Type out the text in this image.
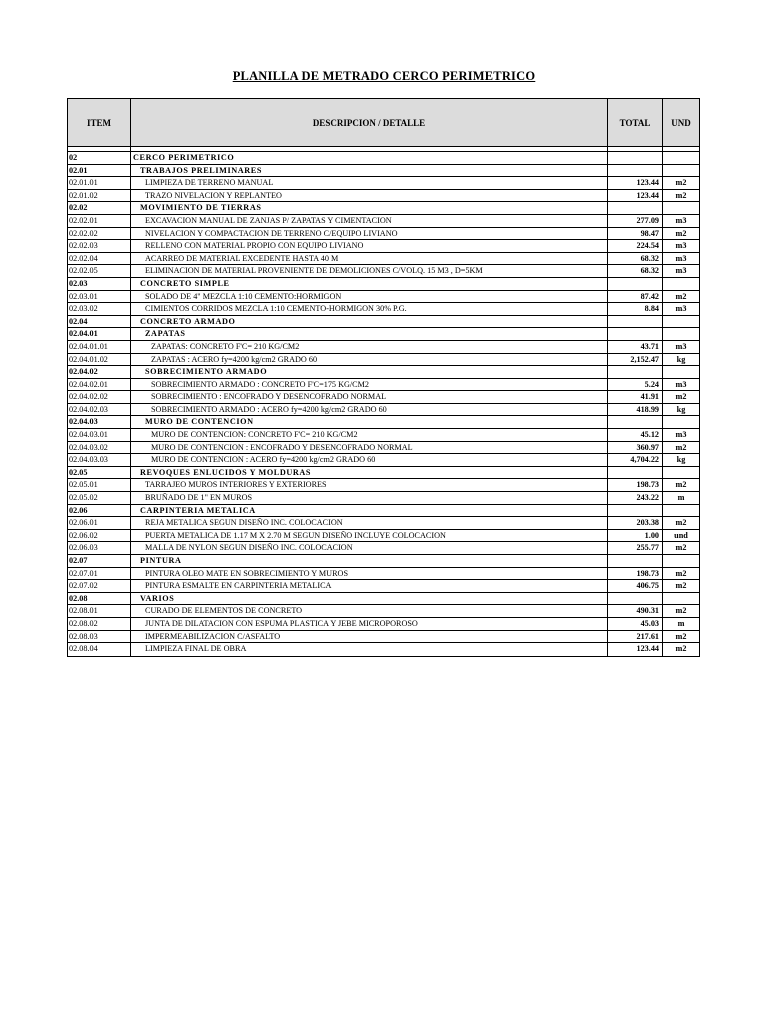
PLANILLA DE METRADO CERCO PERIMETRICO
ITEM	DESCRIPCION / DETALLE	TOTAL	UND
02	CERCO PERIMETRICO
02.01	TRABAJOS PRELIMINARES
02.01.01	LIMPIEZA DE TERRENO MANUAL	123.44	m2
02.01.02	TRAZO NIVELACION Y REPLANTEO	123.44	m2
02.02	MOVIMIENTO DE TIERRAS
02.02.01	EXCAVACION MANUAL DE ZANJAS P/ ZAPATAS Y CIMENTACION	277.09	m3
02.02.02	NIVELACION Y COMPACTACION DE TERRENO C/EQUIPO LIVIANO	98.47	m2
02.02.03	RELLENO CON MATERIAL PROPIO CON EQUIPO LIVIANO	224.54	m3
02.02.04	ACARREO DE MATERIAL EXCEDENTE HASTA 40 M	68.32	m3
02.02.05	ELIMINACION DE MATERIAL PROVENIENTE DE DEMOLICIONES C/VOLQ. 15 M3 , D=5KM	68.32	m3
02.03	CONCRETO SIMPLE
02.03.01	SOLADO DE 4" MEZCLA 1:10 CEMENTO:HORMIGON	87.42	m2
02.03.02	CIMIENTOS CORRIDOS MEZCLA 1:10 CEMENTO-HORMIGON 30% P.G.	8.84	m3
02.04	CONCRETO ARMADO
02.04.01	ZAPATAS
02.04.01.01	ZAPATAS: CONCRETO F'C= 210 KG/CM2	43.71	m3
02.04.01.02	ZAPATAS : ACERO fy=4200 kg/cm2 GRADO 60	2,152.47	kg
02.04.02	SOBRECIMIENTO ARMADO
02.04.02.01	SOBRECIMIENTO ARMADO : CONCRETO F'C=175 KG/CM2	5.24	m3
02.04.02.02	SOBRECIMIENTO : ENCOFRADO Y DESENCOFRADO NORMAL	41.91	m2
02.04.02.03	SOBRECIMIENTO ARMADO : ACERO fy=4200 kg/cm2 GRADO 60	418.99	kg
02.04.03	MURO DE CONTENCION
02.04.03.01	MURO DE CONTENCION: CONCRETO F'C= 210 KG/CM2	45.12	m3
02.04.03.02	MURO DE CONTENCION : ENCOFRADO Y DESENCOFRADO NORMAL	360.97	m2
02.04.03.03	MURO DE CONTENCION : ACERO fy=4200 kg/cm2 GRADO 60	4,704.22	kg
02.05	REVOQUES ENLUCIDOS Y MOLDURAS
02.05.01	TARRAJEO MUROS INTERIORES Y EXTERIORES	198.73	m2
02.05.02	BRUÑADO DE 1" EN MUROS	243.22	m
02.06	CARPINTERIA METALICA
02.06.01	REJA METALICA SEGUN DISEÑO INC. COLOCACION	203.38	m2
02.06.02	PUERTA METALICA DE 1.17 M X 2.70 M SEGUN DISEÑO INCLUYE COLOCACION	1.00	und
02.06.03	MALLA DE NYLON SEGUN DISEÑO INC. COLOCACION	255.77	m2
02.07	PINTURA
02.07.01	PINTURA OLEO MATE EN SOBRECIMIENTO Y MUROS	198.73	m2
02.07.02	PINTURA ESMALTE EN CARPINTERIA METALICA	406.75	m2
02.08	VARIOS
02.08.01	CURADO DE ELEMENTOS DE CONCRETO	490.31	m2
02.08.02	JUNTA DE DILATACION CON ESPUMA PLASTICA Y JEBE MICROPOROSO	45.03	m
02.08.03	IMPERMEABILIZACION C/ASFALTO	217.61	m2
02.08.04	LIMPIEZA FINAL DE OBRA	123.44	m2
